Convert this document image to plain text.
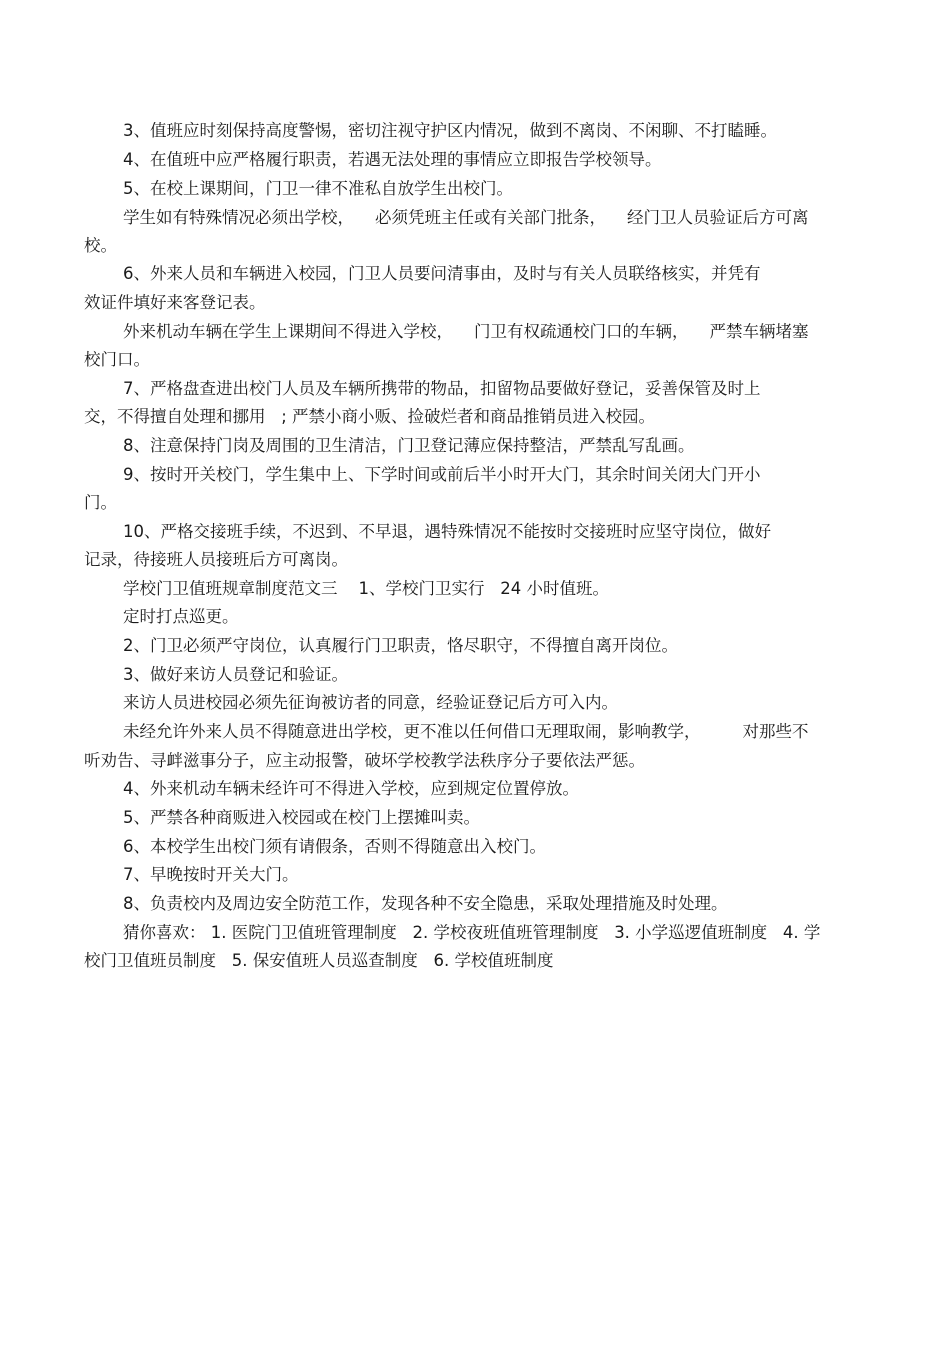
3、值班应时刻保持高度警惕，密切注视守护区内情况，做到不离岗、不闲聊、不打瞌睡。
4、在值班中应严格履行职责，若遇无法处理的事情应立即报告学校领导。
5、在校上课期间，门卫一律不准私自放学生出校门。
学生如有特殊情况必须出学校，    必须凭班主任或有关部门批条，    经门卫人员验证后方可离
校。
6、外来人员和车辆进入校园，门卫人员要问清事由，及时与有关人员联络核实，并凭有
效证件填好来客登记表。
外来机动车辆在学生上课期间不得进入学校，    门卫有权疏通校门口的车辆，    严禁车辆堵塞
校门口。
7、严格盘查进出校门人员及车辆所携带的物品，扣留物品要做好登记，妥善保管及时上
交，不得擅自处理和挪用   ; 严禁小商小贩、捡破烂者和商品推销员进入校园。
8、注意保持门岗及周围的卫生清洁，门卫登记薄应保持整洁，严禁乱写乱画。
9、按时开关校门，学生集中上、下学时间或前后半小时开大门，其余时间关闭大门开小
门。
10、严格交接班手续，不迟到、不早退，遇特殊情况不能按时交接班时应坚守岗位，做好
记录，待接班人员接班后方可离岗。
学校门卫值班规章制度范文三    1、学校门卫实行   24 小时值班。
定时打点巡更。
2、门卫必须严守岗位，认真履行门卫职责，恪尽职守，不得擅自离开岗位。
3、做好来访人员登记和验证。
来访人员进校园必须先征询被访者的同意，经验证登记后方可入内。
未经允许外来人员不得随意进出学校，更不准以任何借口无理取闹，影响教学，        对那些不
听劝告、寻衅滋事分子，应主动报警，破坏学校教学法秩序分子要依法严惩。
4、外来机动车辆未经许可不得进入学校，应到规定位置停放。
5、严禁各种商贩进入校园或在校门上摆摊叫卖。
6、本校学生出校门须有请假条，否则不得随意出入校门。
7、早晚按时开关大门。
8、负责校内及周边安全防范工作，发现各种不安全隐患，采取处理措施及时处理。
猜你喜欢： 1. 医院门卫值班管理制度   2. 学校夜班值班管理制度   3. 小学巡逻值班制度   4. 学
校门卫值班员制度   5. 保安值班人员巡查制度   6. 学校值班制度
